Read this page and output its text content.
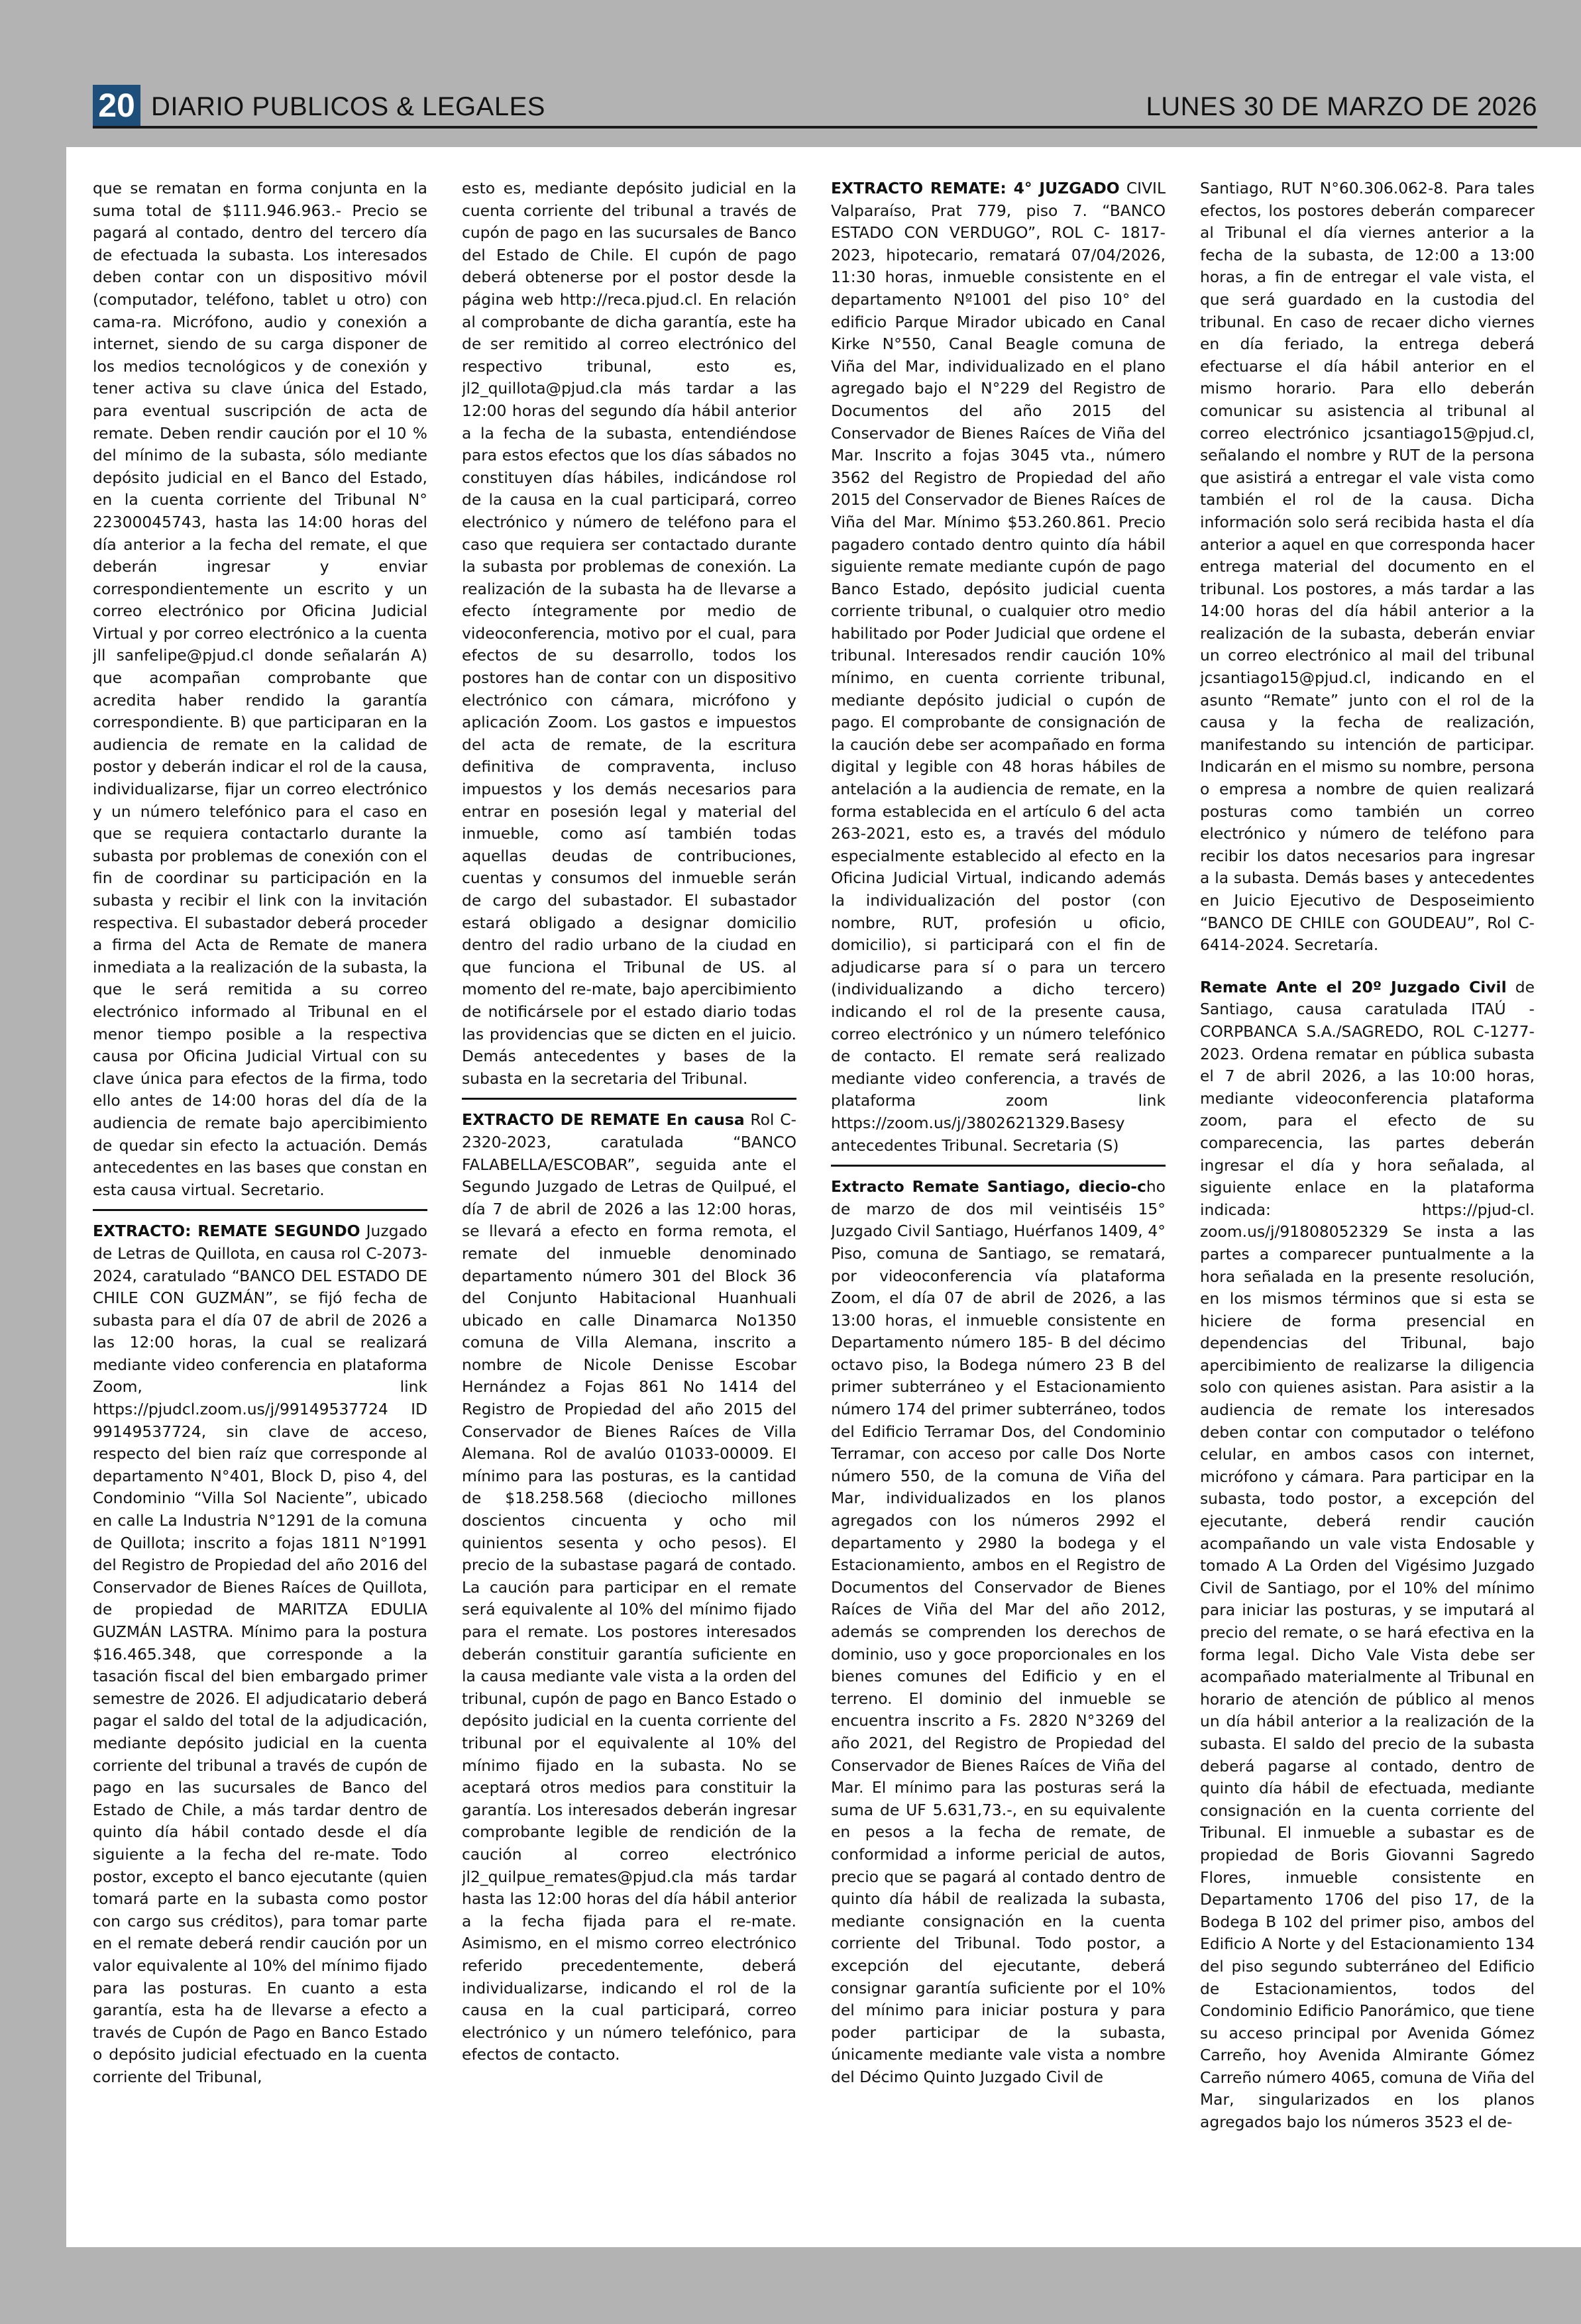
20 DIARIO PUBLICOS & LEGALES	LUNES 30 DE MARZO DE 2026

que se rematan en forma conjunta en la suma total de $111.946.963.- Precio se pagará al contado, dentro del tercero día de efectuada la subasta. Los interesados deben contar con un dispositivo móvil (computador, teléfono, tablet u otro) con cama-ra. Micrófono, audio y conexión a internet, siendo de su carga disponer de los medios tecnológicos y de conexión y tener activa su clave única del Estado, para eventual suscripción de acta de remate. Deben rendir caución por el 10 % del mínimo de la subasta, sólo mediante depósito judicial en el Banco del Estado, en la cuenta corriente del Tribunal N° 22300045743, hasta las 14:00 horas del día anterior a la fecha del remate, el que deberán ingresar y enviar correspondientemente un escrito y un correo electrónico por Oficina Judicial Virtual y por correo electrónico a la cuenta jll sanfelipe@pjud.cl donde señalarán A) que acompañan comprobante que acredita haber rendido la garantía correspondiente. B) que participaran en la audiencia de remate en la calidad de postor y deberán indicar el rol de la causa, individualizarse, fijar un correo electrónico y un número telefónico para el caso en que se requiera contactarlo durante la subasta por problemas de conexión con el fin de coordinar su participación en la subasta y recibir el link con la invitación respectiva. El subastador deberá proceder a firma del Acta de Remate de manera inmediata a la realización de la subasta, la que le será remitida a su correo electrónico informado al Tribunal en el menor tiempo posible a la respectiva causa por Oficina Judicial Virtual con su clave única para efectos de la firma, todo ello antes de 14:00 horas del día de la audiencia de remate bajo apercibimiento de quedar sin efecto la actuación. Demás antecedentes en las bases que constan en esta causa virtual. Secretario.

EXTRACTO: REMATE SEGUNDO Juzgado de Letras de Quillota, en causa rol C-2073-2024, caratulado “BANCO DEL ESTADO DE CHILE CON GUZMÁN”, se fijó fecha de subasta para el día 07 de abril de 2026 a las 12:00 horas, la cual se realizará mediante video conferencia en plataforma Zoom, link https://pjudcl.zoom.us/j/99149537724 ID 99149537724, sin clave de acceso, respecto del bien raíz que corresponde al departamento N°401, Block D, piso 4, del Condominio “Villa Sol Naciente”, ubicado en calle La Industria N°1291 de la comuna de Quillota; inscrito a fojas 1811 N°1991 del Registro de Propiedad del año 2016 del Conservador de Bienes Raíces de Quillota, de propiedad de MARITZA EDULIA GUZMÁN LASTRA. Mínimo para la postura $16.465.348, que corresponde a la tasación fiscal del bien embargado primer semestre de 2026. El adjudicatario deberá pagar el saldo del total de la adjudicación, mediante depósito judicial en la cuenta corriente del tribunal a través de cupón de pago en las sucursales de Banco del Estado de Chile, a más tardar dentro de quinto día hábil contado desde el día siguiente a la fecha del re-mate. Todo postor, excepto el banco ejecutante (quien tomará parte en la subasta como postor con cargo sus créditos), para tomar parte en el remate deberá rendir caución por un valor equivalente al 10% del mínimo fijado para las posturas. En cuanto a esta garantía, esta ha de llevarse a efecto a través de Cupón de Pago en Banco Estado o depósito judicial efectuado en la cuenta corriente del Tribunal,

esto es, mediante depósito judicial en la cuenta corriente del tribunal a través de cupón de pago en las sucursales de Banco del Estado de Chile. El cupón de pago deberá obtenerse por el postor desde la página web http://reca.pjud.cl. En relación al comprobante de dicha garantía, este ha de ser remitido al correo electrónico del respectivo tribunal, esto es, jl2_quillota@pjud.cla más tardar a las 12:00 horas del segundo día hábil anterior a la fecha de la subasta, entendiéndose para estos efectos que los días sábados no constituyen días hábiles, indicándose rol de la causa en la cual participará, correo electrónico y número de teléfono para el caso que requiera ser contactado durante la subasta por problemas de conexión. La realización de la subasta ha de llevarse a efecto íntegramente por medio de videoconferencia, motivo por el cual, para efectos de su desarrollo, todos los postores han de contar con un dispositivo electrónico con cámara, micrófono y aplicación Zoom. Los gastos e impuestos del acta de remate, de la escritura definitiva de compraventa, incluso impuestos y los demás necesarios para entrar en posesión legal y material del inmueble, como así también todas aquellas deudas de contribuciones, cuentas y consumos del inmueble serán de cargo del subastador. El subastador estará obligado a designar domicilio dentro del radio urbano de la ciudad en que funciona el Tribunal de US. al momento del re-mate, bajo apercibimiento de notificársele por el estado diario todas las providencias que se dicten en el juicio. Demás antecedentes y bases de la subasta en la secretaria del Tribunal.

EXTRACTO DE REMATE En causa Rol C-2320-2023, caratulada “BANCO FALABELLA/ESCOBAR”, seguida ante el Segundo Juzgado de Letras de Quilpué, el día 7 de abril de 2026 a las 12:00 horas, se llevará a efecto en forma remota, el remate del inmueble denominado departamento número 301 del Block 36 del Conjunto Habitacional Huanhuali ubicado en calle Dinamarca No1350 comuna de Villa Alemana, inscrito a nombre de Nicole Denisse Escobar Hernández a Fojas 861 No 1414 del Registro de Propiedad del año 2015 del Conservador de Bienes Raíces de Villa Alemana. Rol de avalúo 01033-00009. El mínimo para las posturas, es la cantidad de $18.258.568 (dieciocho millones doscientos cincuenta y ocho mil quinientos sesenta y ocho pesos). El precio de la subastase pagará de contado. La caución para participar en el remate será equivalente al 10% del mínimo fijado para el remate. Los postores interesados deberán constituir garantía suficiente en la causa mediante vale vista a la orden del tribunal, cupón de pago en Banco Estado o depósito judicial en la cuenta corriente del tribunal por el equivalente al 10% del mínimo fijado en la subasta. No se aceptará otros medios para constituir la garantía. Los interesados deberán ingresar comprobante legible de rendición de la caución al correo electrónico jl2_quilpue_remates@pjud.cla más tardar hasta las 12:00 horas del día hábil anterior a la fecha fijada para el re-mate. Asimismo, en el mismo correo electrónico referido precedentemente, deberá individualizarse, indicando el rol de la causa en la cual participará, correo electrónico y un número telefónico, para efectos de contacto.

EXTRACTO REMATE: 4° JUZGADO CIVIL Valparaíso, Prat 779, piso 7. “BANCO ESTADO CON VERDUGO”, ROL C- 1817-2023, hipotecario, rematará 07/04/2026, 11:30 horas, inmueble consistente en el departamento Nº1001 del piso 10° del edificio Parque Mirador ubicado en Canal Kirke N°550, Canal Beagle comuna de Viña del Mar, individualizado en el plano agregado bajo el N°229 del Registro de Documentos del año 2015 del Conservador de Bienes Raíces de Viña del Mar. Inscrito a fojas 3045 vta., número 3562 del Registro de Propiedad del año 2015 del Conservador de Bienes Raíces de Viña del Mar. Mínimo $53.260.861. Precio pagadero contado dentro quinto día hábil siguiente remate mediante cupón de pago Banco Estado, depósito judicial cuenta corriente tribunal, o cualquier otro medio habilitado por Poder Judicial que ordene el tribunal. Interesados rendir caución 10% mínimo, en cuenta corriente tribunal, mediante depósito judicial o cupón de pago. El comprobante de consignación de la caución debe ser acompañado en forma digital y legible con 48 horas hábiles de antelación a la audiencia de remate, en la forma establecida en el artículo 6 del acta 263-2021, esto es, a través del módulo especialmente establecido al efecto en la Oficina Judicial Virtual, indicando además la individualización del postor (con nombre, RUT, profesión u oficio, domicilio), si participará con el fin de adjudicarse para sí o para un tercero (individualizando a dicho tercero) indicando el rol de la presente causa, correo electrónico y un número telefónico de contacto. El remate será realizado mediante video conferencia, a través de plataforma zoom link https://zoom.us/j/3802621329.Basesy antecedentes Tribunal. Secretaria (S)

Extracto Remate Santiago, diecio-cho de marzo de dos mil veintiséis 15° Juzgado Civil Santiago, Huérfanos 1409, 4° Piso, comuna de Santiago, se rematará, por videoconferencia vía plataforma Zoom, el día 07 de abril de 2026, a las 13:00 horas, el inmueble consistente en Departamento número 185- B del décimo octavo piso, la Bodega número 23 B del primer subterráneo y el Estacionamiento número 174 del primer subterráneo, todos del Edificio Terramar Dos, del Condominio Terramar, con acceso por calle Dos Norte número 550, de la comuna de Viña del Mar, individualizados en los planos agregados con los números 2992 el departamento y 2980 la bodega y el Estacionamiento, ambos en el Registro de Documentos del Conservador de Bienes Raíces de Viña del Mar del año 2012, además se comprenden los derechos de dominio, uso y goce proporcionales en los bienes comunes del Edificio y en el terreno. El dominio del inmueble se encuentra inscrito a Fs. 2820 N°3269 del año 2021, del Registro de Propiedad del Conservador de Bienes Raíces de Viña del Mar. El mínimo para las posturas será la suma de UF 5.631,73.-, en su equivalente en pesos a la fecha de remate, de conformidad a informe pericial de autos, precio que se pagará al contado dentro de quinto día hábil de realizada la subasta, mediante consignación en la cuenta corriente del Tribunal. Todo postor, a excepción del ejecutante, deberá consignar garantía suficiente por el 10% del mínimo para iniciar postura y para poder participar de la subasta, únicamente mediante vale vista a nombre del Décimo Quinto Juzgado Civil de

Santiago, RUT N°60.306.062-8. Para tales efectos, los postores deberán comparecer al Tribunal el día viernes anterior a la fecha de la subasta, de 12:00 a 13:00 horas, a fin de entregar el vale vista, el que será guardado en la custodia del tribunal. En caso de recaer dicho viernes en día feriado, la entrega deberá efectuarse el día hábil anterior en el mismo horario. Para ello deberán comunicar su asistencia al tribunal al correo electrónico jcsantiago15@pjud.cl, señalando el nombre y RUT de la persona que asistirá a entregar el vale vista como también el rol de la causa. Dicha información solo será recibida hasta el día anterior a aquel en que corresponda hacer entrega material del documento en el tribunal. Los postores, a más tardar a las 14:00 horas del día hábil anterior a la realización de la subasta, deberán enviar un correo electrónico al mail del tribunal jcsantiago15@pjud.cl, indicando en el asunto “Remate” junto con el rol de la causa y la fecha de realización, manifestando su intención de participar. Indicarán en el mismo su nombre, persona o empresa a nombre de quien realizará posturas como también un correo electrónico y número de teléfono para recibir los datos necesarios para ingresar a la subasta. Demás bases y antecedentes en Juicio Ejecutivo de Desposeimiento “BANCO DE CHILE con GOUDEAU”, Rol C-6414-2024. Secretaría.

Remate Ante el 20º Juzgado Civil de Santiago, causa caratulada ITAÚ - CORPBANCA S.A./SAGREDO, ROL C-1277-2023. Ordena rematar en pública subasta el 7 de abril 2026, a las 10:00 horas, mediante videoconferencia plataforma zoom, para el efecto de su comparecencia, las partes deberán ingresar el día y hora señalada, al siguiente enlace en la plataforma indicada: https://pjud-cl. zoom.us/j/91808052329 Se insta a las partes a comparecer puntualmente a la hora señalada en la presente resolución, en los mismos términos que si esta se hiciere de forma presencial en dependencias del Tribunal, bajo apercibimiento de realizarse la diligencia solo con quienes asistan. Para asistir a la audiencia de remate los interesados deben contar con computador o teléfono celular, en ambos casos con internet, micrófono y cámara. Para participar en la subasta, todo postor, a excepción del ejecutante, deberá rendir caución acompañando un vale vista Endosable y tomado A La Orden del Vigésimo Juzgado Civil de Santiago, por el 10% del mínimo para iniciar las posturas, y se imputará al precio del remate, o se hará efectiva en la forma legal. Dicho Vale Vista debe ser acompañado materialmente al Tribunal en horario de atención de público al menos un día hábil anterior a la realización de la subasta. El saldo del precio de la subasta deberá pagarse al contado, dentro de quinto día hábil de efectuada, mediante consignación en la cuenta corriente del Tribunal. El inmueble a subastar es de propiedad de Boris Giovanni Sagredo Flores, inmueble consistente en Departamento 1706 del piso 17, de la Bodega B 102 del primer piso, ambos del Edificio A Norte y del Estacionamiento 134 del piso segundo subterráneo del Edificio de Estacionamientos, todos del Condominio Edificio Panorámico, que tiene su acceso principal por Avenida Gómez Carreño, hoy Avenida Almirante Gómez Carreño número 4065, comuna de Viña del Mar, singularizados en los planos agregados bajo los números 3523 el de-
